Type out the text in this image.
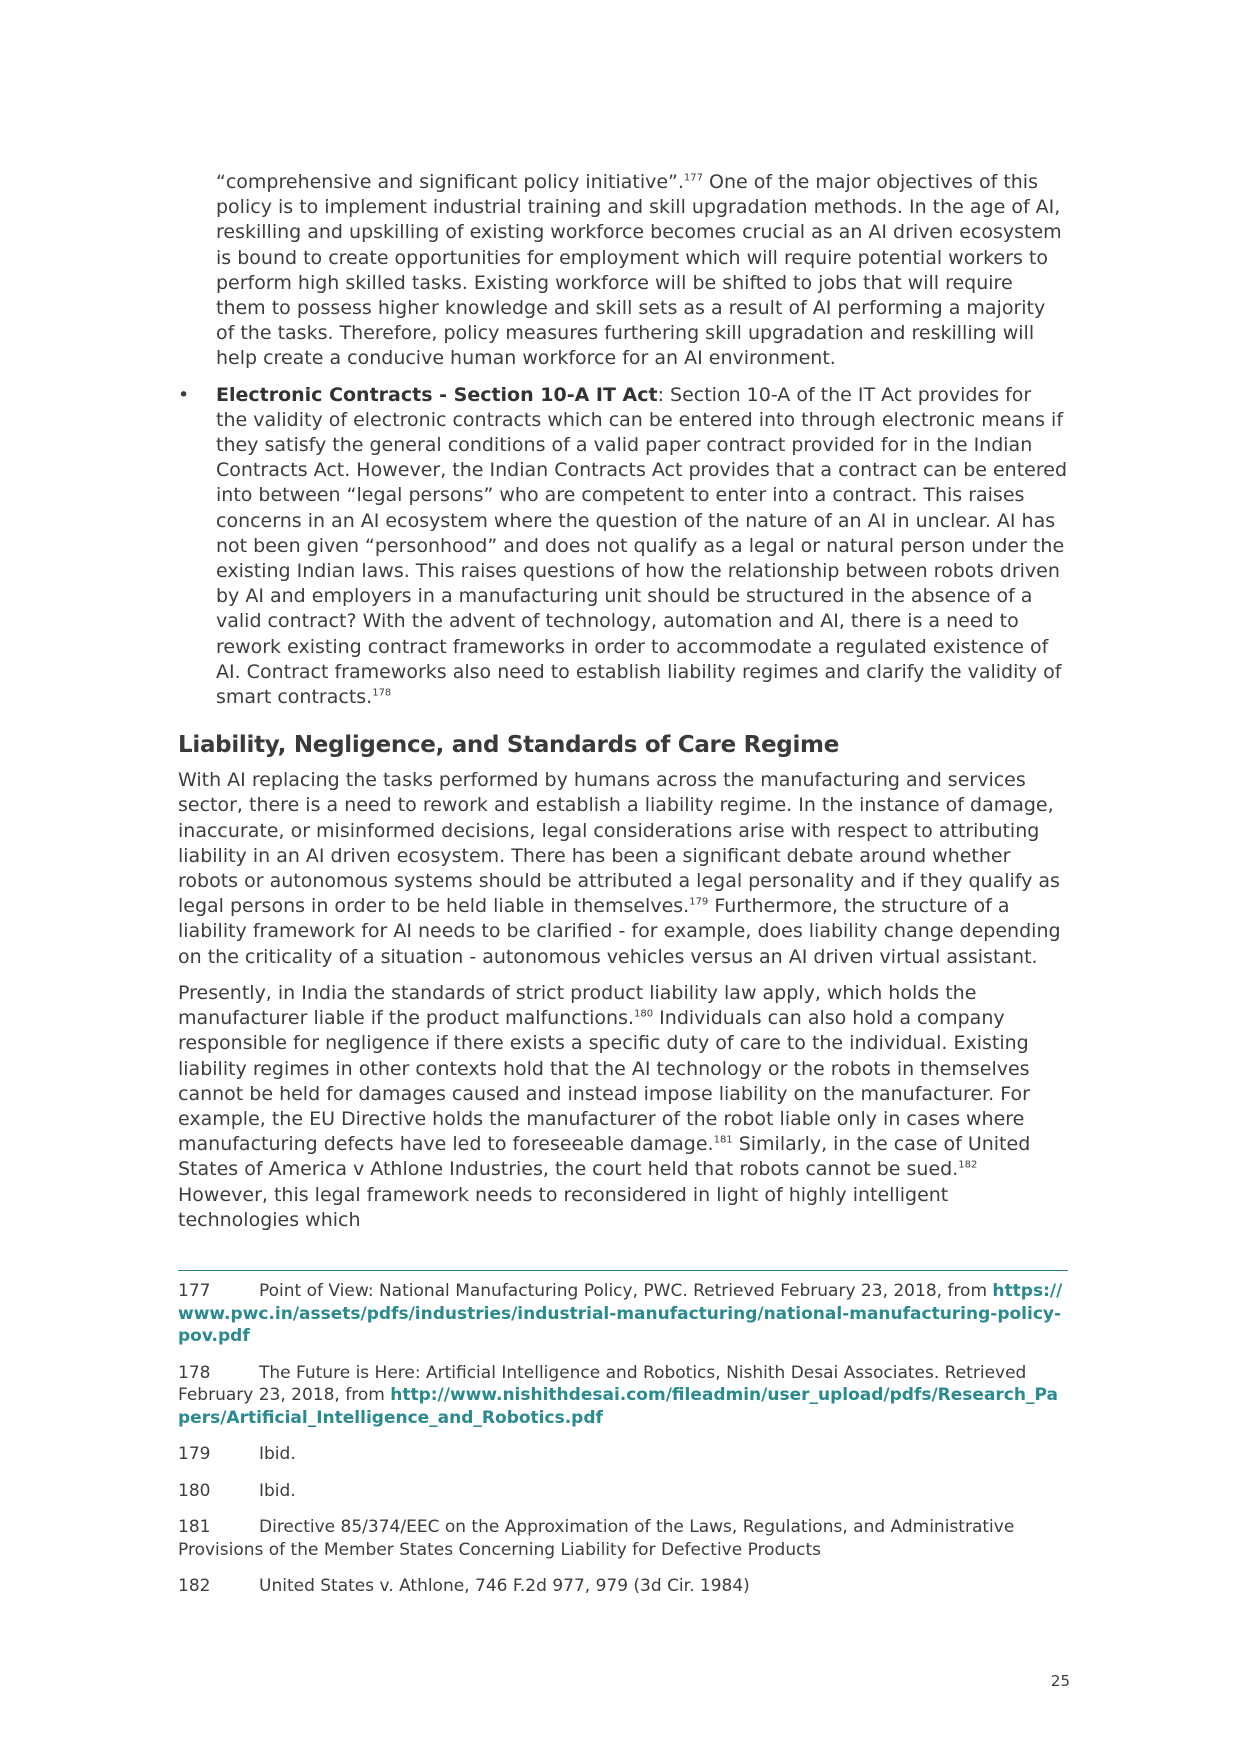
“comprehensive and significant policy initiative”.$^{177}$ One of the major objectives of this policy is to implement industrial training and skill upgradation methods. In the age of AI, reskilling and upskilling of existing workforce becomes crucial as an AI driven ecosystem is bound to create opportunities for employment which will require potential workers to perform high skilled tasks. Existing workforce will be shifted to jobs that will require them to possess higher knowledge and skill sets as a result of AI performing a majority of the tasks. Therefore, policy measures furthering skill upgradation and reskilling will help create a conducive human workforce for an AI environment.

• Electronic Contracts - Section 10-A IT Act: Section 10-A of the IT Act provides for the validity of electronic contracts which can be entered into through electronic means if they satisfy the general conditions of a valid paper contract provided for in the Indian Contracts Act. However, the Indian Contracts Act provides that a contract can be entered into between “legal persons” who are competent to enter into a contract. This raises concerns in an AI ecosystem where the question of the nature of an AI in unclear. AI has not been given “personhood” and does not qualify as a legal or natural person under the existing Indian laws. This raises questions of how the relationship between robots driven by AI and employers in a manufacturing unit should be structured in the absence of a valid contract? With the advent of technology, automation and AI, there is a need to rework existing contract frameworks in order to accommodate a regulated existence of AI. Contract frameworks also need to establish liability regimes and clarify the validity of smart contracts.$^{178}$

Liability, Negligence, and Standards of Care Regime

With AI replacing the tasks performed by humans across the manufacturing and services sector, there is a need to rework and establish a liability regime. In the instance of damage, inaccurate, or misinformed decisions, legal considerations arise with respect to attributing liability in an AI driven ecosystem. There has been a significant debate around whether robots or autonomous systems should be attributed a legal personality and if they qualify as legal persons in order to be held liable in themselves.$^{179}$ Furthermore, the structure of a liability framework for AI needs to be clarified - for example, does liability change depending on the criticality of a situation - autonomous vehicles versus an AI driven virtual assistant.

Presently, in India the standards of strict product liability law apply, which holds the manufacturer liable if the product malfunctions.$^{180}$ Individuals can also hold a company responsible for negligence if there exists a specific duty of care to the individual. Existing liability regimes in other contexts hold that the AI technology or the robots in themselves cannot be held for damages caused and instead impose liability on the manufacturer. For example, the EU Directive holds the manufacturer of the robot liable only in cases where manufacturing defects have led to foreseeable damage.$^{181}$ Similarly, in the case of United States of America v Athlone Industries, the court held that robots cannot be sued.$^{182}$ However, this legal framework needs to reconsidered in light of highly intelligent technologies which

177	Point of View: National Manufacturing Policy, PWC. Retrieved February 23, 2018, from https://www.pwc.in/assets/pdfs/industries/industrial-manufacturing/national-manufacturing-policy-pov.pdf

178	The Future is Here: Artificial Intelligence and Robotics, Nishith Desai Associates. Retrieved February 23, 2018, from http://www.nishithdesai.com/fileadmin/user_upload/pdfs/Research_Papers/Artificial_Intelligence_and_Robotics.pdf

179	Ibid.

180	Ibid.

181	Directive 85/374/EEC on the Approximation of the Laws, Regulations, and Administrative Provisions of the Member States Concerning Liability for Defective Products

182	United States v. Athlone, 746 F.2d 977, 979 (3d Cir. 1984)

25
